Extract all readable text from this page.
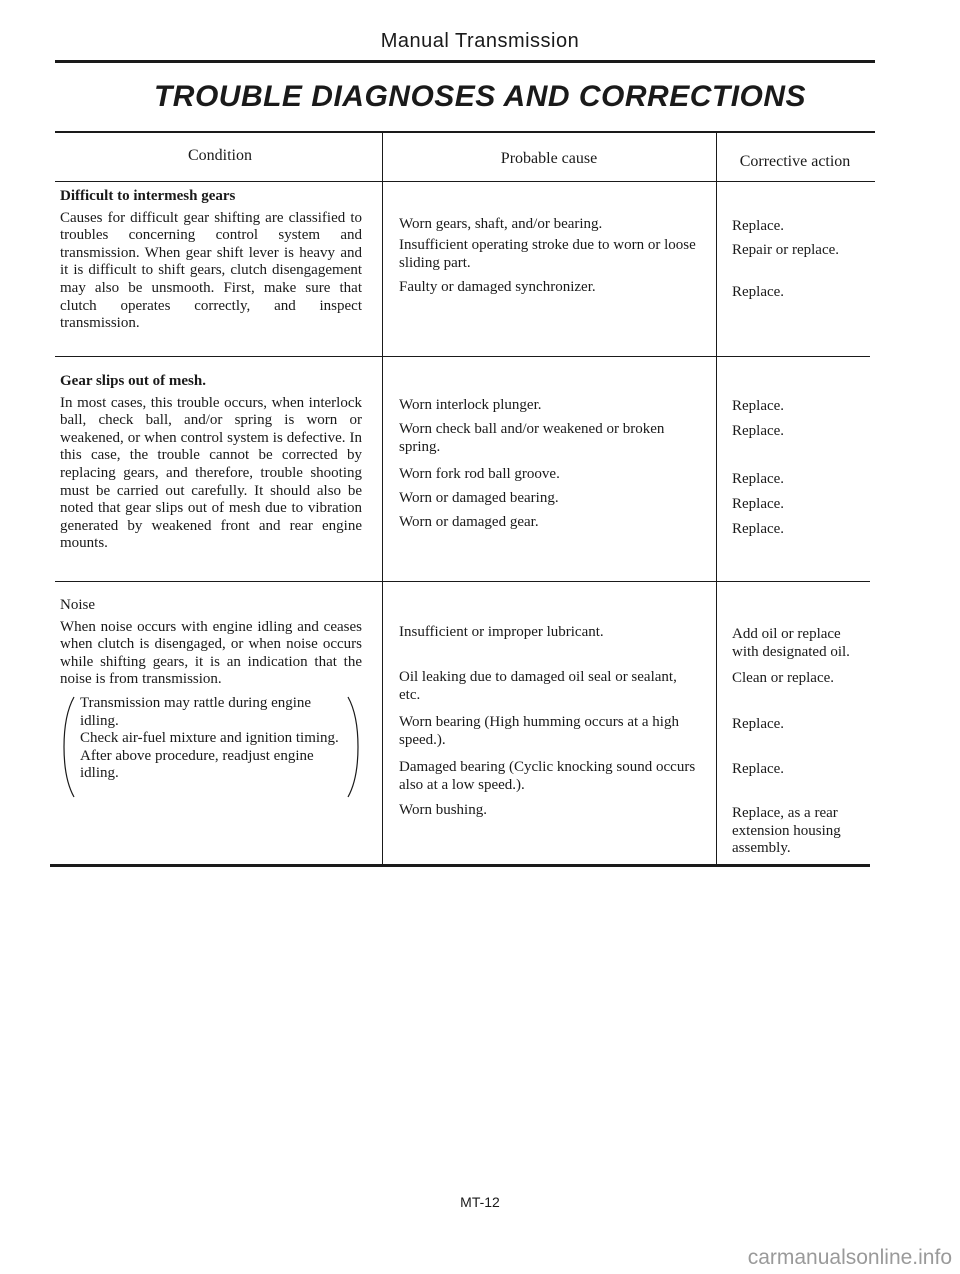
Manual Transmission
TROUBLE DIAGNOSES AND CORRECTIONS
Condition	Probable cause	Corrective action
Difficult to intermesh gears
Causes for difficult gear shifting are classified to troubles concerning control system and transmission. When gear shift lever is heavy and it is difficult to shift gears, clutch disengagement may also be unsmooth. First, make sure that clutch operates correctly, and inspect transmission.
Worn gears, shaft, and/or bearing.
Insufficient operating stroke due to worn or loose sliding part.
Faulty or damaged synchronizer.
Replace.
Repair or replace.
Replace.
Gear slips out of mesh.
In most cases, this trouble occurs, when interlock ball, check ball, and/or spring is worn or weakened, or when control system is defective. In this case, the trouble cannot be corrected by replacing gears, and therefore, trouble shooting must be carried out carefully. It should also be noted that gear slips out of mesh due to vibration generated by weakened front and rear engine mounts.
Worn interlock plunger.
Worn check ball and/or weakened or broken spring.
Worn fork rod ball groove.
Worn or damaged bearing.
Worn or damaged gear.
Replace.
Replace.
Replace.
Replace.
Replace.
Noise
When noise occurs with engine idling and ceases when clutch is disengaged, or when noise occurs while shifting gears, it is an indication that the noise is from transmission.
Transmission may rattle during engine idling.
Check air-fuel mixture and ignition timing.
After above procedure, readjust engine idling.
Insufficient or improper lubricant.
Oil leaking due to damaged oil seal or sealant, etc.
Worn bearing (High humming occurs at a high speed.).
Damaged bearing (Cyclic knocking sound occurs also at a low speed.).
Worn bushing.
Add oil or replace with designated oil.
Clean or replace.
Replace.
Replace.
Replace, as a rear extension housing assembly.
MT-12
carmanualsonline.info
